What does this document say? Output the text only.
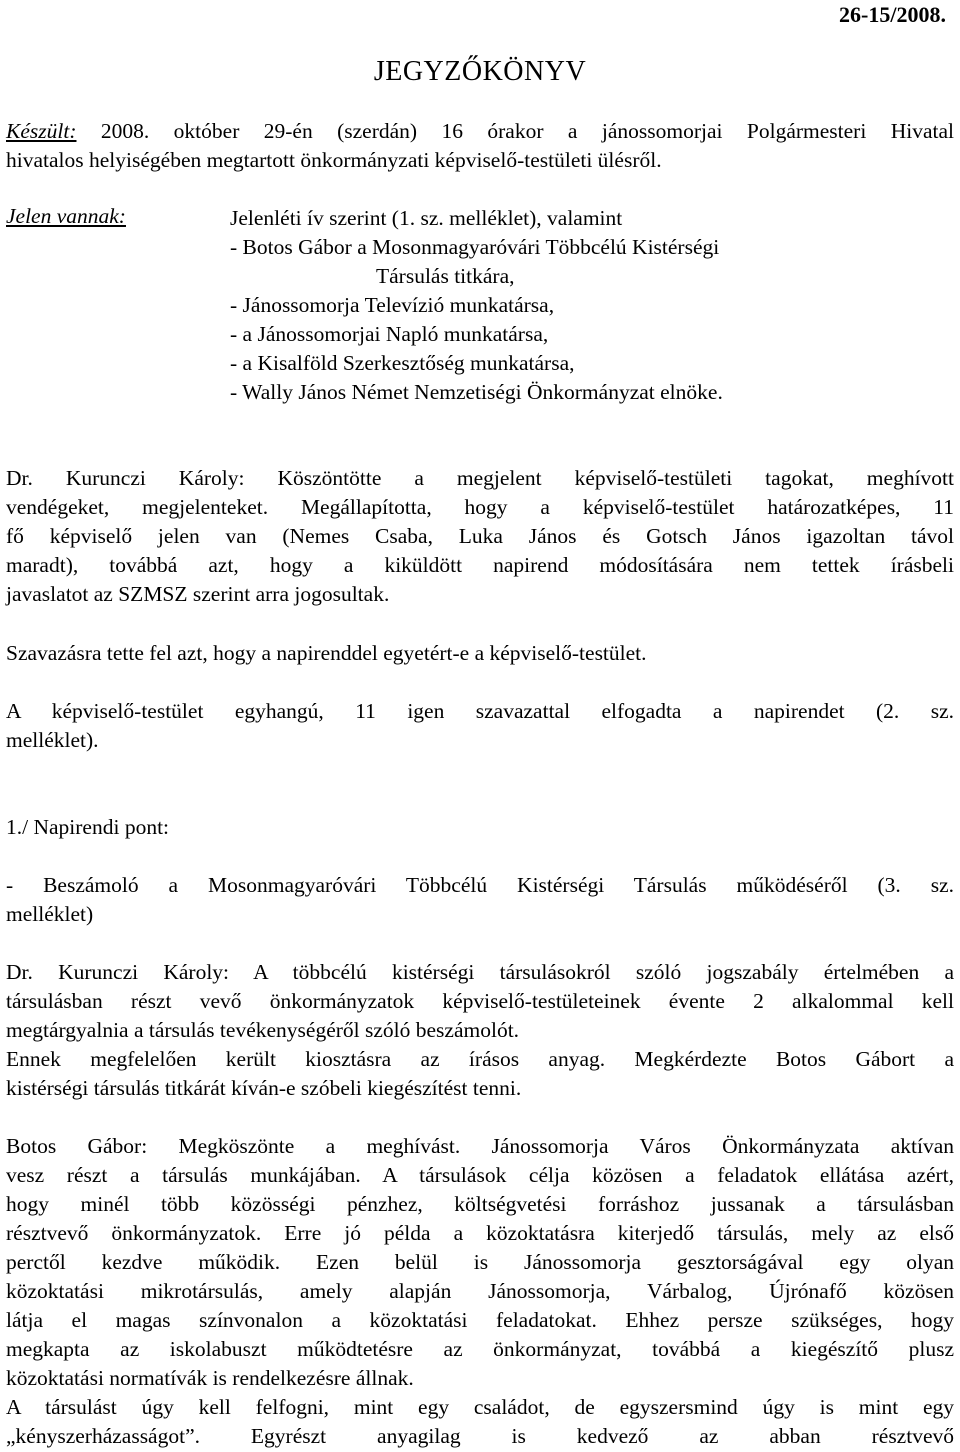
26-15/2008.
JEGYZŐKÖNYV
Készült: 2008. október 29-én (szerdán) 16 órakor a jánossomorjai Polgármesteri Hivatal
hivatalos helyiségében megtartott önkormányzati képviselő-testületi ülésről.
Jelen vannak:	Jelenléti ív szerint (1. sz. melléklet), valamint
- Botos Gábor a Mosonmagyaróvári Többcélú Kistérségi
Társulás titkára,
- Jánossomorja Televízió munkatársa,
- a Jánossomorjai Napló munkatársa,
- a Kisalföld Szerkesztőség munkatársa,
- Wally János Német Nemzetiségi Önkormányzat elnöke.
Dr. Kurunczi Károly: Köszöntötte a megjelent képviselő-testületi tagokat, meghívott
vendégeket, megjelenteket. Megállapította, hogy a képviselő-testület határozatképes, 11
fő képviselő jelen van (Nemes Csaba, Luka János és Gotsch János igazoltan távol
maradt), továbbá azt, hogy a kiküldött napirend módosítására nem tettek írásbeli
javaslatot az SZMSZ szerint arra jogosultak.
Szavazásra tette fel azt, hogy a napirenddel egyetért-e a képviselő-testület.
A képviselő-testület egyhangú, 11 igen szavazattal elfogadta a napirendet (2. sz.
melléklet).
1./ Napirendi pont:
- Beszámoló a Mosonmagyaróvári Többcélú Kistérségi Társulás működéséről (3. sz.
melléklet)
Dr. Kurunczi Károly: A többcélú kistérségi társulásokról szóló jogszabály értelmében a
társulásban részt vevő önkormányzatok képviselő-testületeinek évente 2 alkalommal kell
megtárgyalnia a társulás tevékenységéről szóló beszámolót.
Ennek megfelelően került kiosztásra az írásos anyag. Megkérdezte Botos Gábort a
kistérségi társulás titkárát kíván-e szóbeli kiegészítést tenni.
Botos Gábor: Megköszönte a meghívást. Jánossomorja Város Önkormányzata aktívan
vesz részt a társulás munkájában. A társulások célja közösen a feladatok ellátása azért,
hogy minél több közösségi pénzhez, költségvetési forráshoz jussanak a társulásban
résztvevő önkormányzatok. Erre jó példa a közoktatásra kiterjedő társulás, mely az első
perctől kezdve működik. Ezen belül is Jánossomorja gesztorságával egy olyan
közoktatási mikrotársulás, amely alapján Jánossomorja, Várbalog, Újrónafő közösen
látja el magas színvonalon a közoktatási feladatokat. Ehhez persze szükséges, hogy
megkapta az iskolabuszt működtetésre az önkormányzat, továbbá a kiegészítő plusz
közoktatási normatívák is rendelkezésre állnak.
A társulást úgy kell felfogni, mint egy családot, de egyszersmind úgy is mint egy
„kényszerházasságot”. Egyrészt anyagilag is kedvező az abban résztvevő
